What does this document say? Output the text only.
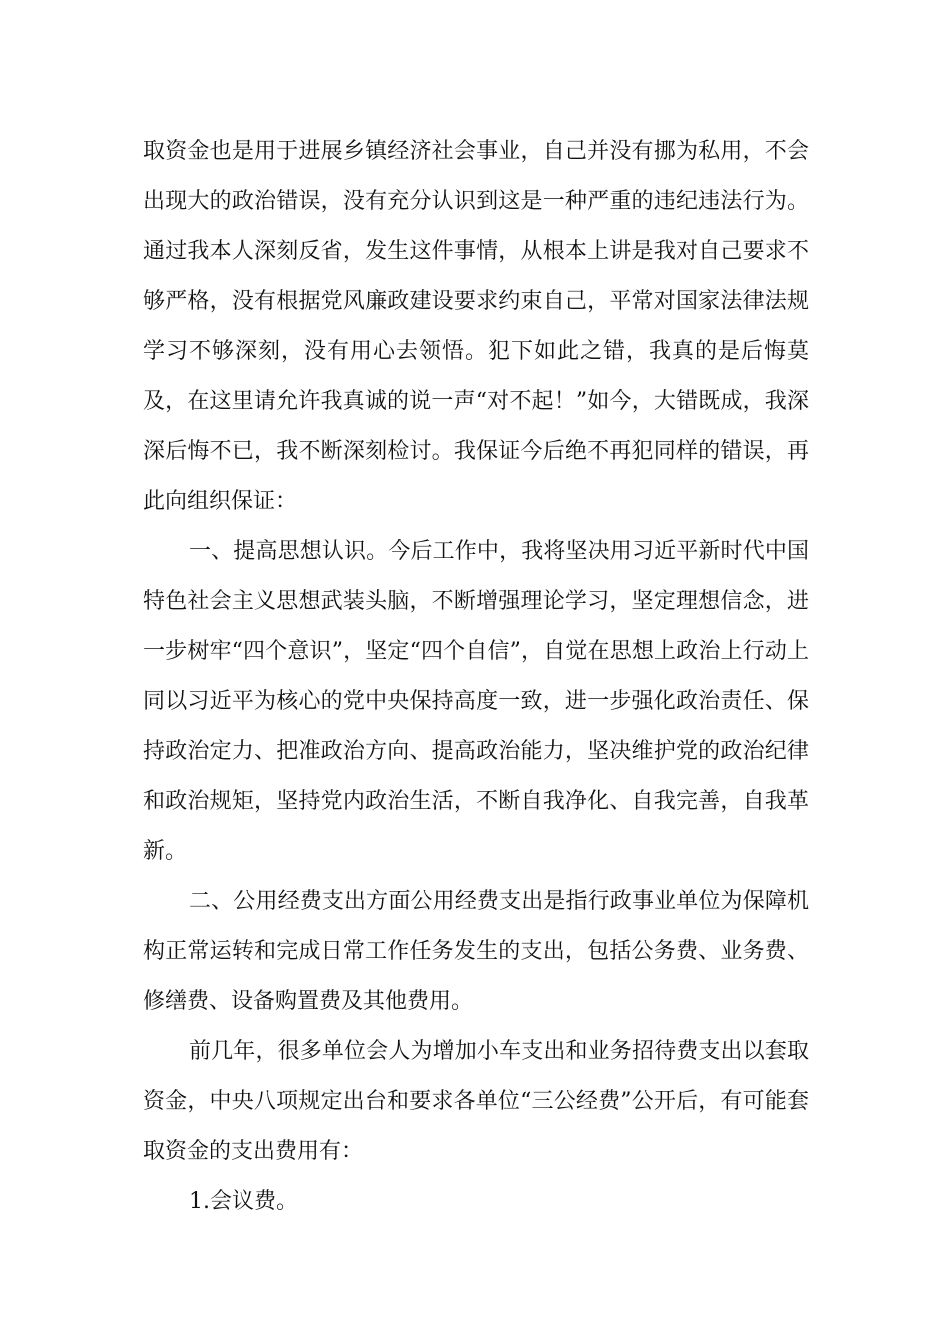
取资金也是用于进展乡镇经济社会事业，自己并没有挪为私用，不会出现大的政治错误，没有充分认识到这是一种严重的违纪违法行为。通过我本人深刻反省，发生这件事情，从根本上讲是我对自己要求不够严格，没有根据党风廉政建设要求约束自己，平常对国家法律法规学习不够深刻，没有用心去领悟。犯下如此之错，我真的是后悔莫及，在这里请允许我真诚的说一声“对不起！”如今，大错既成，我深深后悔不已，我不断深刻检讨。我保证今后绝不再犯同样的错误，再此向组织保证：

一、提高思想认识。今后工作中，我将坚决用习近平新时代中国特色社会主义思想武装头脑，不断增强理论学习，坚定理想信念，进一步树牢“四个意识”，坚定“四个自信”，自觉在思想上政治上行动上同以习近平为核心的党中央保持高度一致，进一步强化政治责任、保持政治定力、把准政治方向、提高政治能力，坚决维护党的政治纪律和政治规矩，坚持党内政治生活，不断自我净化、自我完善，自我革新。

二、公用经费支出方面公用经费支出是指行政事业单位为保障机构正常运转和完成日常工作任务发生的支出，包括公务费、业务费、修缮费、设备购置费及其他费用。

前几年，很多单位会人为增加小车支出和业务招待费支出以套取资金，中央八项规定出台和要求各单位“三公经费”公开后，有可能套取资金的支出费用有：

1.会议费。
